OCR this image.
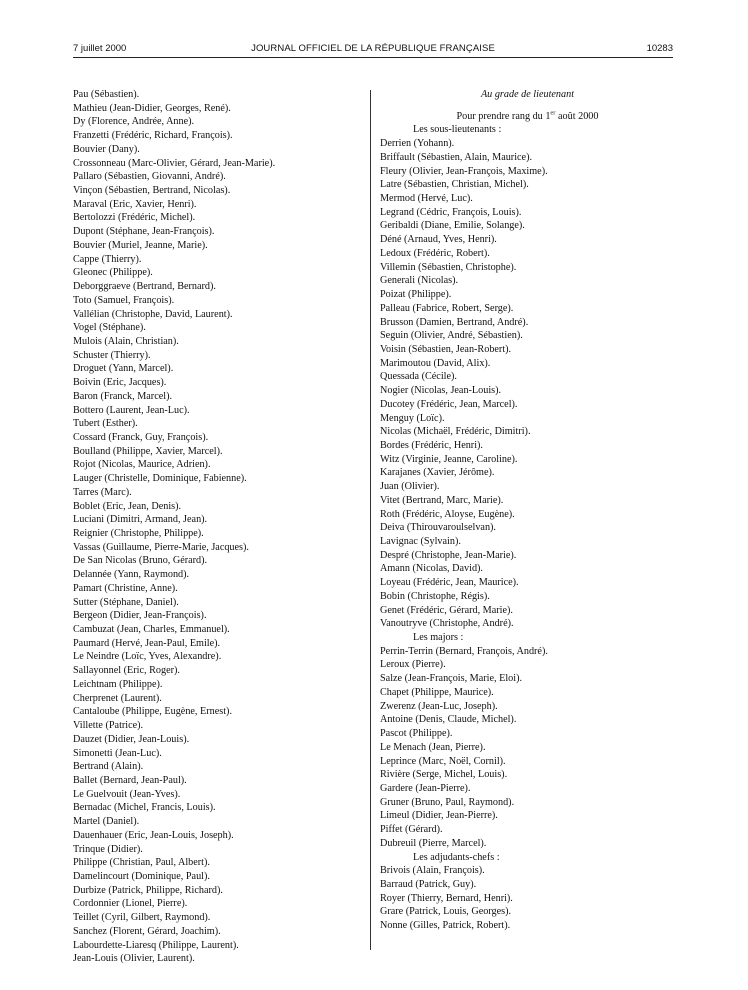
7 juillet 2000	JOURNAL OFFICIEL DE LA RÉPUBLIQUE FRANÇAISE	10283
Pau (Sébastien).
Mathieu (Jean-Didier, Georges, René).
Dy (Florence, Andrée, Anne).
Franzetti (Frédéric, Richard, François).
Bouvier (Dany).
Crossonneau (Marc-Olivier, Gérard, Jean-Marie).
Pallaro (Sébastien, Giovanni, André).
Vinçon (Sébastien, Bertrand, Nicolas).
Maraval (Eric, Xavier, Henri).
Bertolozzi (Frédéric, Michel).
Dupont (Stéphane, Jean-François).
Bouvier (Muriel, Jeanne, Marie).
Cappe (Thierry).
Gleonec (Philippe).
Deborggraeve (Bertrand, Bernard).
Toto (Samuel, François).
Vallélian (Christophe, David, Laurent).
Vogel (Stéphane).
Mulois (Alain, Christian).
Schuster (Thierry).
Droguet (Yann, Marcel).
Boivin (Eric, Jacques).
Baron (Franck, Marcel).
Bottero (Laurent, Jean-Luc).
Tubert (Esther).
Cossard (Franck, Guy, François).
Boulland (Philippe, Xavier, Marcel).
Rojot (Nicolas, Maurice, Adrien).
Lauger (Christelle, Dominique, Fabienne).
Tarres (Marc).
Boblet (Eric, Jean, Denis).
Luciani (Dimitri, Armand, Jean).
Reignier (Christophe, Philippe).
Vassas (Guillaume, Pierre-Marie, Jacques).
De San Nicolas (Bruno, Gérard).
Delannée (Yann, Raymond).
Pamart (Christine, Anne).
Sutter (Stéphane, Daniel).
Bergeon (Didier, Jean-François).
Cambuzat (Jean, Charles, Emmanuel).
Paumard (Hervé, Jean-Paul, Emile).
Le Neindre (Loïc, Yves, Alexandre).
Sallayonnel (Eric, Roger).
Leichtnam (Philippe).
Cherprenet (Laurent).
Cantaloube (Philippe, Eugène, Ernest).
Villette (Patrice).
Dauzet (Didier, Jean-Louis).
Simonetti (Jean-Luc).
Bertrand (Alain).
Ballet (Bernard, Jean-Paul).
Le Guelvouit (Jean-Yves).
Bernadac (Michel, Francis, Louis).
Martel (Daniel).
Dauenhauer (Eric, Jean-Louis, Joseph).
Trinque (Didier).
Philippe (Christian, Paul, Albert).
Damelincourt (Dominique, Paul).
Durbize (Patrick, Philippe, Richard).
Cordonnier (Lionel, Pierre).
Teillet (Cyril, Gilbert, Raymond).
Sanchez (Florent, Gérard, Joachim).
Labourdette-Liaresq (Philippe, Laurent).
Jean-Louis (Olivier, Laurent).
Au grade de lieutenant
Pour prendre rang du 1er août 2000
Les sous-lieutenants :
Derrien (Yohann).
Briffault (Sébastien, Alain, Maurice).
Fleury (Olivier, Jean-François, Maxime).
Latre (Sébastien, Christian, Michel).
Mermod (Hervé, Luc).
Legrand (Cédric, François, Louis).
Geribaldi (Diane, Emilie, Solange).
Déné (Arnaud, Yves, Henri).
Ledoux (Frédéric, Robert).
Villemin (Sébastien, Christophe).
Generali (Nicolas).
Poizat (Philippe).
Palleau (Fabrice, Robert, Serge).
Brusson (Damien, Bertrand, André).
Seguin (Olivier, André, Sébastien).
Voisin (Sébastien, Jean-Robert).
Marimoutou (David, Alix).
Quessada (Cécile).
Nogier (Nicolas, Jean-Louis).
Ducotey (Frédéric, Jean, Marcel).
Menguy (Loïc).
Nicolas (Michaël, Frédéric, Dimitri).
Bordes (Frédéric, Henri).
Witz (Virginie, Jeanne, Caroline).
Karajanes (Xavier, Jérôme).
Juan (Olivier).
Vitet (Bertrand, Marc, Marie).
Roth (Frédéric, Aloyse, Eugène).
Deiva (Thirouvaroulselvan).
Lavignac (Sylvain).
Despré (Christophe, Jean-Marie).
Amann (Nicolas, David).
Loyeau (Frédéric, Jean, Maurice).
Bobin (Christophe, Régis).
Genet (Frédéric, Gérard, Marie).
Vanoutryve (Christophe, André).
Les majors :
Perrin-Terrin (Bernard, François, André).
Leroux (Pierre).
Salze (Jean-François, Marie, Eloi).
Chapet (Philippe, Maurice).
Zwerenz (Jean-Luc, Joseph).
Antoine (Denis, Claude, Michel).
Pascot (Philippe).
Le Menach (Jean, Pierre).
Leprince (Marc, Noël, Cornil).
Rivière (Serge, Michel, Louis).
Gardere (Jean-Pierre).
Gruner (Bruno, Paul, Raymond).
Limeul (Didier, Jean-Pierre).
Piffet (Gérard).
Dubreuil (Pierre, Marcel).
Les adjudants-chefs :
Brivois (Alain, François).
Barraud (Patrick, Guy).
Royer (Thierry, Bernard, Henri).
Grare (Patrick, Louis, Georges).
Nonne (Gilles, Patrick, Robert).
